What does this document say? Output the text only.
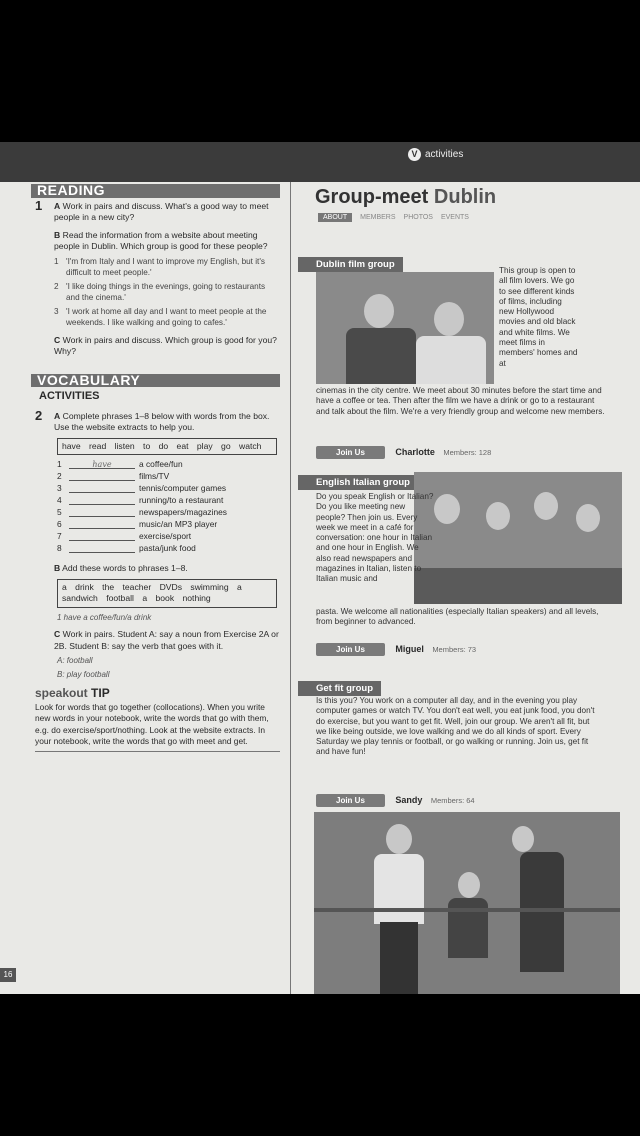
V activities
READING
1 A Work in pairs and discuss. What's a good way to meet people in a new city?
B Read the information from a website about meeting people in Dublin. Which group is good for these people?
1 'I'm from Italy and I want to improve my English, but it's difficult to meet people.'
2 'I like doing things in the evenings, going to restaurants and the cinema.'
3 'I work at home all day and I want to meet people at the weekends. I like walking and going to cafes.'
C Work in pairs and discuss. Which group is good for you? Why?
VOCABULARY
ACTIVITIES
2 A Complete phrases 1–8 below with words from the box. Use the website extracts to help you.
have read listen to do eat play go watch
1	have	a coffee/fun
2	films/TV
3	tennis/computer games
4	running/to a restaurant
5	newspapers/magazines
6	music/an MP3 player
7	exercise/sport
8	pasta/junk food
B Add these words to phrases 1–8.
a drink the teacher DVDs swimming a sandwich football a book nothing
1 have a coffee/fun/a drink
C Work in pairs. Student A: say a noun from Exercise 2A or 2B. Student B: say the verb that goes with it.
A: football
B: play football
speakout TIP
Look for words that go together (collocations). When you write new words in your notebook, write the words that go with them, e.g. do exercise/sport/nothing. Look at the website extracts. In your notebook, write the words that go with meet and get.
16
Group-meet Dublin
ABOUT	MEMBERS PHOTOS EVENTS
Dublin film group
This group is open to all film lovers. We go to see different kinds of films, including new Hollywood movies and old black and white films. We meet films in members' homes and at
cinemas in the city centre. We meet about 30 minutes before the start time and have a coffee or tea. Then after the film we have a drink or go to a restaurant and talk about the film. We're a very friendly group and welcome new members.
Join Us	Charlotte Members: 128
English Italian group
Do you speak English or Italian? Do you like meeting new people? Then join us. Every week we meet in a café for conversation: one hour in Italian and one hour in English. We also read newspapers and magazines in Italian, listen to Italian music and
pasta. We welcome all nationalities (especially Italian speakers) and all levels, from beginner to advanced.
Join Us	Miguel Members: 73
Get fit group
Is this you? You work on a computer all day, and in the evening you play computer games or watch TV. You don't eat well, you eat junk food, you don't do exercise, but you want to get fit. Well, join our group. We aren't all fit, but we like being outside, we love walking and we do all kinds of sport. Every Saturday we play tennis or football, or go walking or running. Join us, get fit and have fun!
Join Us	Sandy Members: 64
